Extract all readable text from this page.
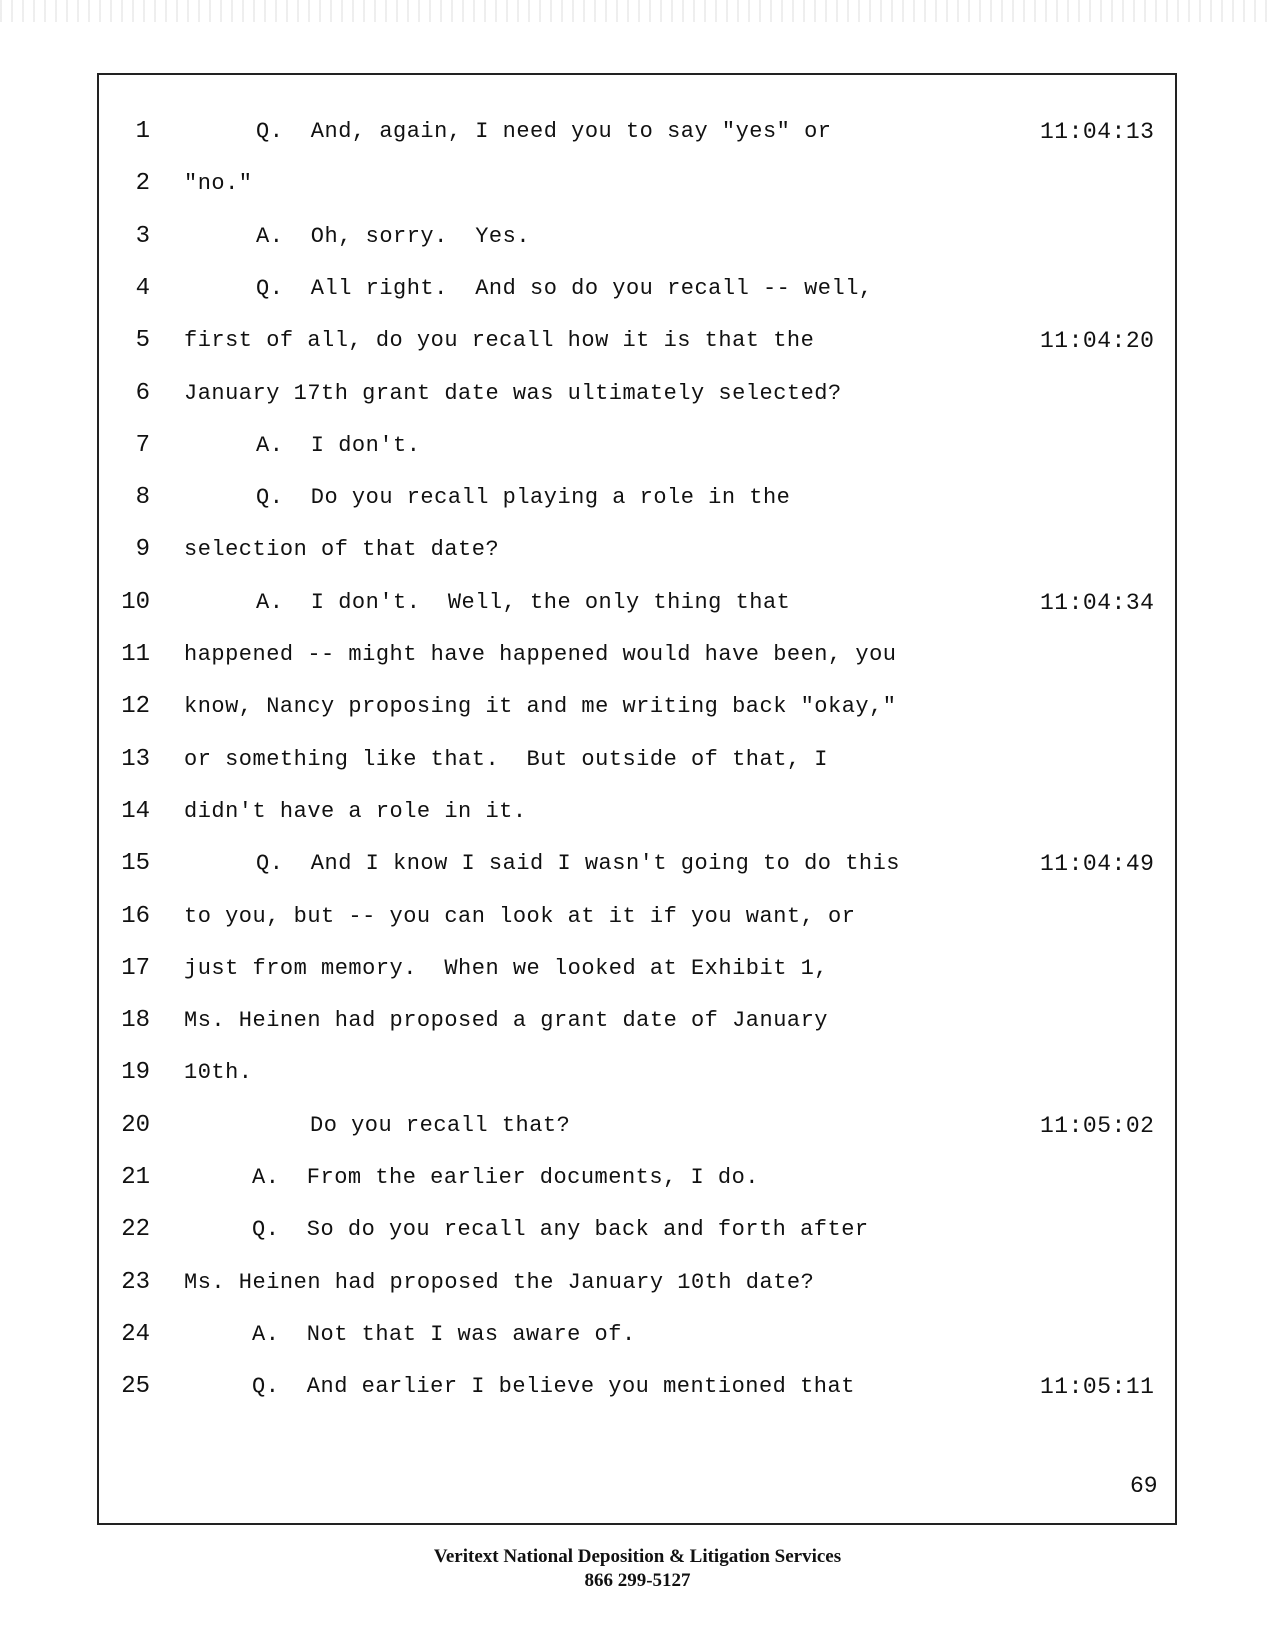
1	Q.  And, again, I need you to say "yes" or	11:04:13
2 "no."
3	A.  Oh, sorry.  Yes.
4	Q.  All right.  And so do you recall -- well,
5 first of all, do you recall how it is that the	11:04:20
6 January 17th grant date was ultimately selected?
7	A.  I don't.
8	Q.  Do you recall playing a role in the
9 selection of that date?
10	A.  I don't.  Well, the only thing that	11:04:34
11 happened -- might have happened would have been, you
12 know, Nancy proposing it and me writing back "okay,"
13 or something like that.  But outside of that, I
14 didn't have a role in it.
15	Q.  And I know I said I wasn't going to do this	11:04:49
16 to you, but -- you can look at it if you want, or
17 just from memory.  When we looked at Exhibit 1,
18 Ms. Heinen had proposed a grant date of January
19 10th.
20	Do you recall that?	11:05:02
21	A.  From the earlier documents, I do.
22	Q.  So do you recall any back and forth after
23 Ms. Heinen had proposed the January 10th date?
24	A.  Not that I was aware of.
25	Q.  And earlier I believe you mentioned that	11:05:11
69
Veritext National Deposition & Litigation Services
866 299-5127
